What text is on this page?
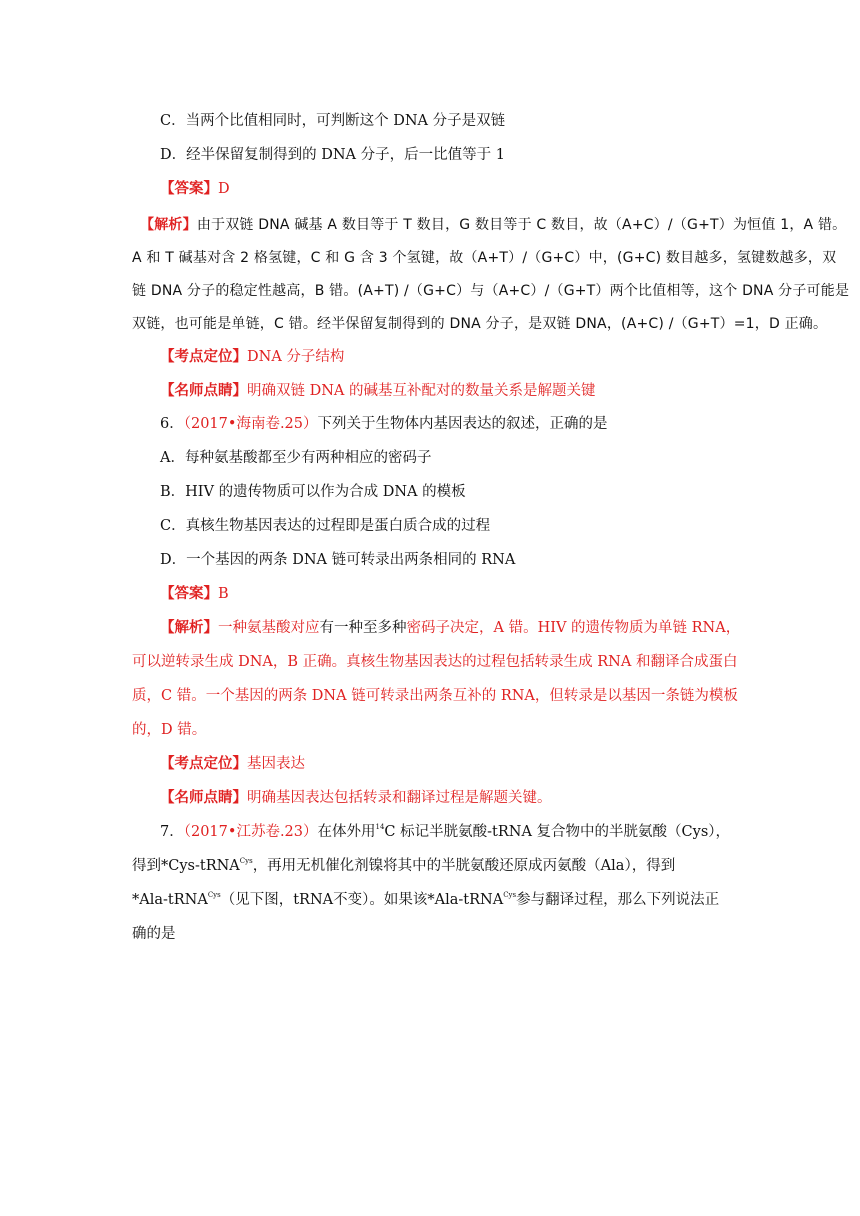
C．当两个比值相同时，可判断这个 DNA 分子是双链
D．经半保留复制得到的 DNA 分子，后一比值等于 1
【答案】D
【解析】由于双链 DNA 碱基 A 数目等于 T 数目，G 数目等于 C 数目，故（A+C）/（G+T）为恒值 1，A 错。
A 和 T 碱基对含 2 格氢键，C 和 G 含 3 个氢键，故（A+T）/（G+C）中，(G+C) 数目越多，氢键数越多，双
链 DNA 分子的稳定性越高，B 错。(A+T) /（G+C）与（A+C）/（G+T）两个比值相等，这个 DNA 分子可能是
双链，也可能是单链，C 错。经半保留复制得到的 DNA 分子，是双链 DNA，(A+C) /（G+T）=1，D 正确。
【考点定位】DNA 分子结构
【名师点睛】明确双链 DNA 的碱基互补配对的数量关系是解题关键
6．（2017•海南卷.25）下列关于生物体内基因表达的叙述，正确的是
A．每种氨基酸都至少有两种相应的密码子
B．HIV 的遗传物质可以作为合成 DNA 的模板
C．真核生物基因表达的过程即是蛋白质合成的过程
D．一个基因的两条 DNA 链可转录出两条相同的 RNA
【答案】B
【解析】一种氨基酸对应有一种至多种密码子决定，A 错。HIV 的遗传物质为单链 RNA，
可以逆转录生成 DNA，B 正确。真核生物基因表达的过程包括转录生成 RNA 和翻译合成蛋白
质，C 错。一个基因的两条 DNA 链可转录出两条互补的 RNA，但转录是以基因一条链为模板
的，D 错。
【考点定位】基因表达
【名师点睛】明确基因表达包括转录和翻译过程是解题关键。
7．（2017•江苏卷.23）在体外用$^{14}$C 标记半胱氨酸-tRNA 复合物中的半胱氨酸（Cys），
得到*Cys-tRNA$^{Cys}$，再用无机催化剂镍将其中的半胱氨酸还原成丙氨酸（Ala），得到
*Ala-tRNA$^{Cys}$（见下图，tRNA不变）。如果该*Ala-tRNA$^{Cys}$参与翻译过程，那么下列说法正
确的是
